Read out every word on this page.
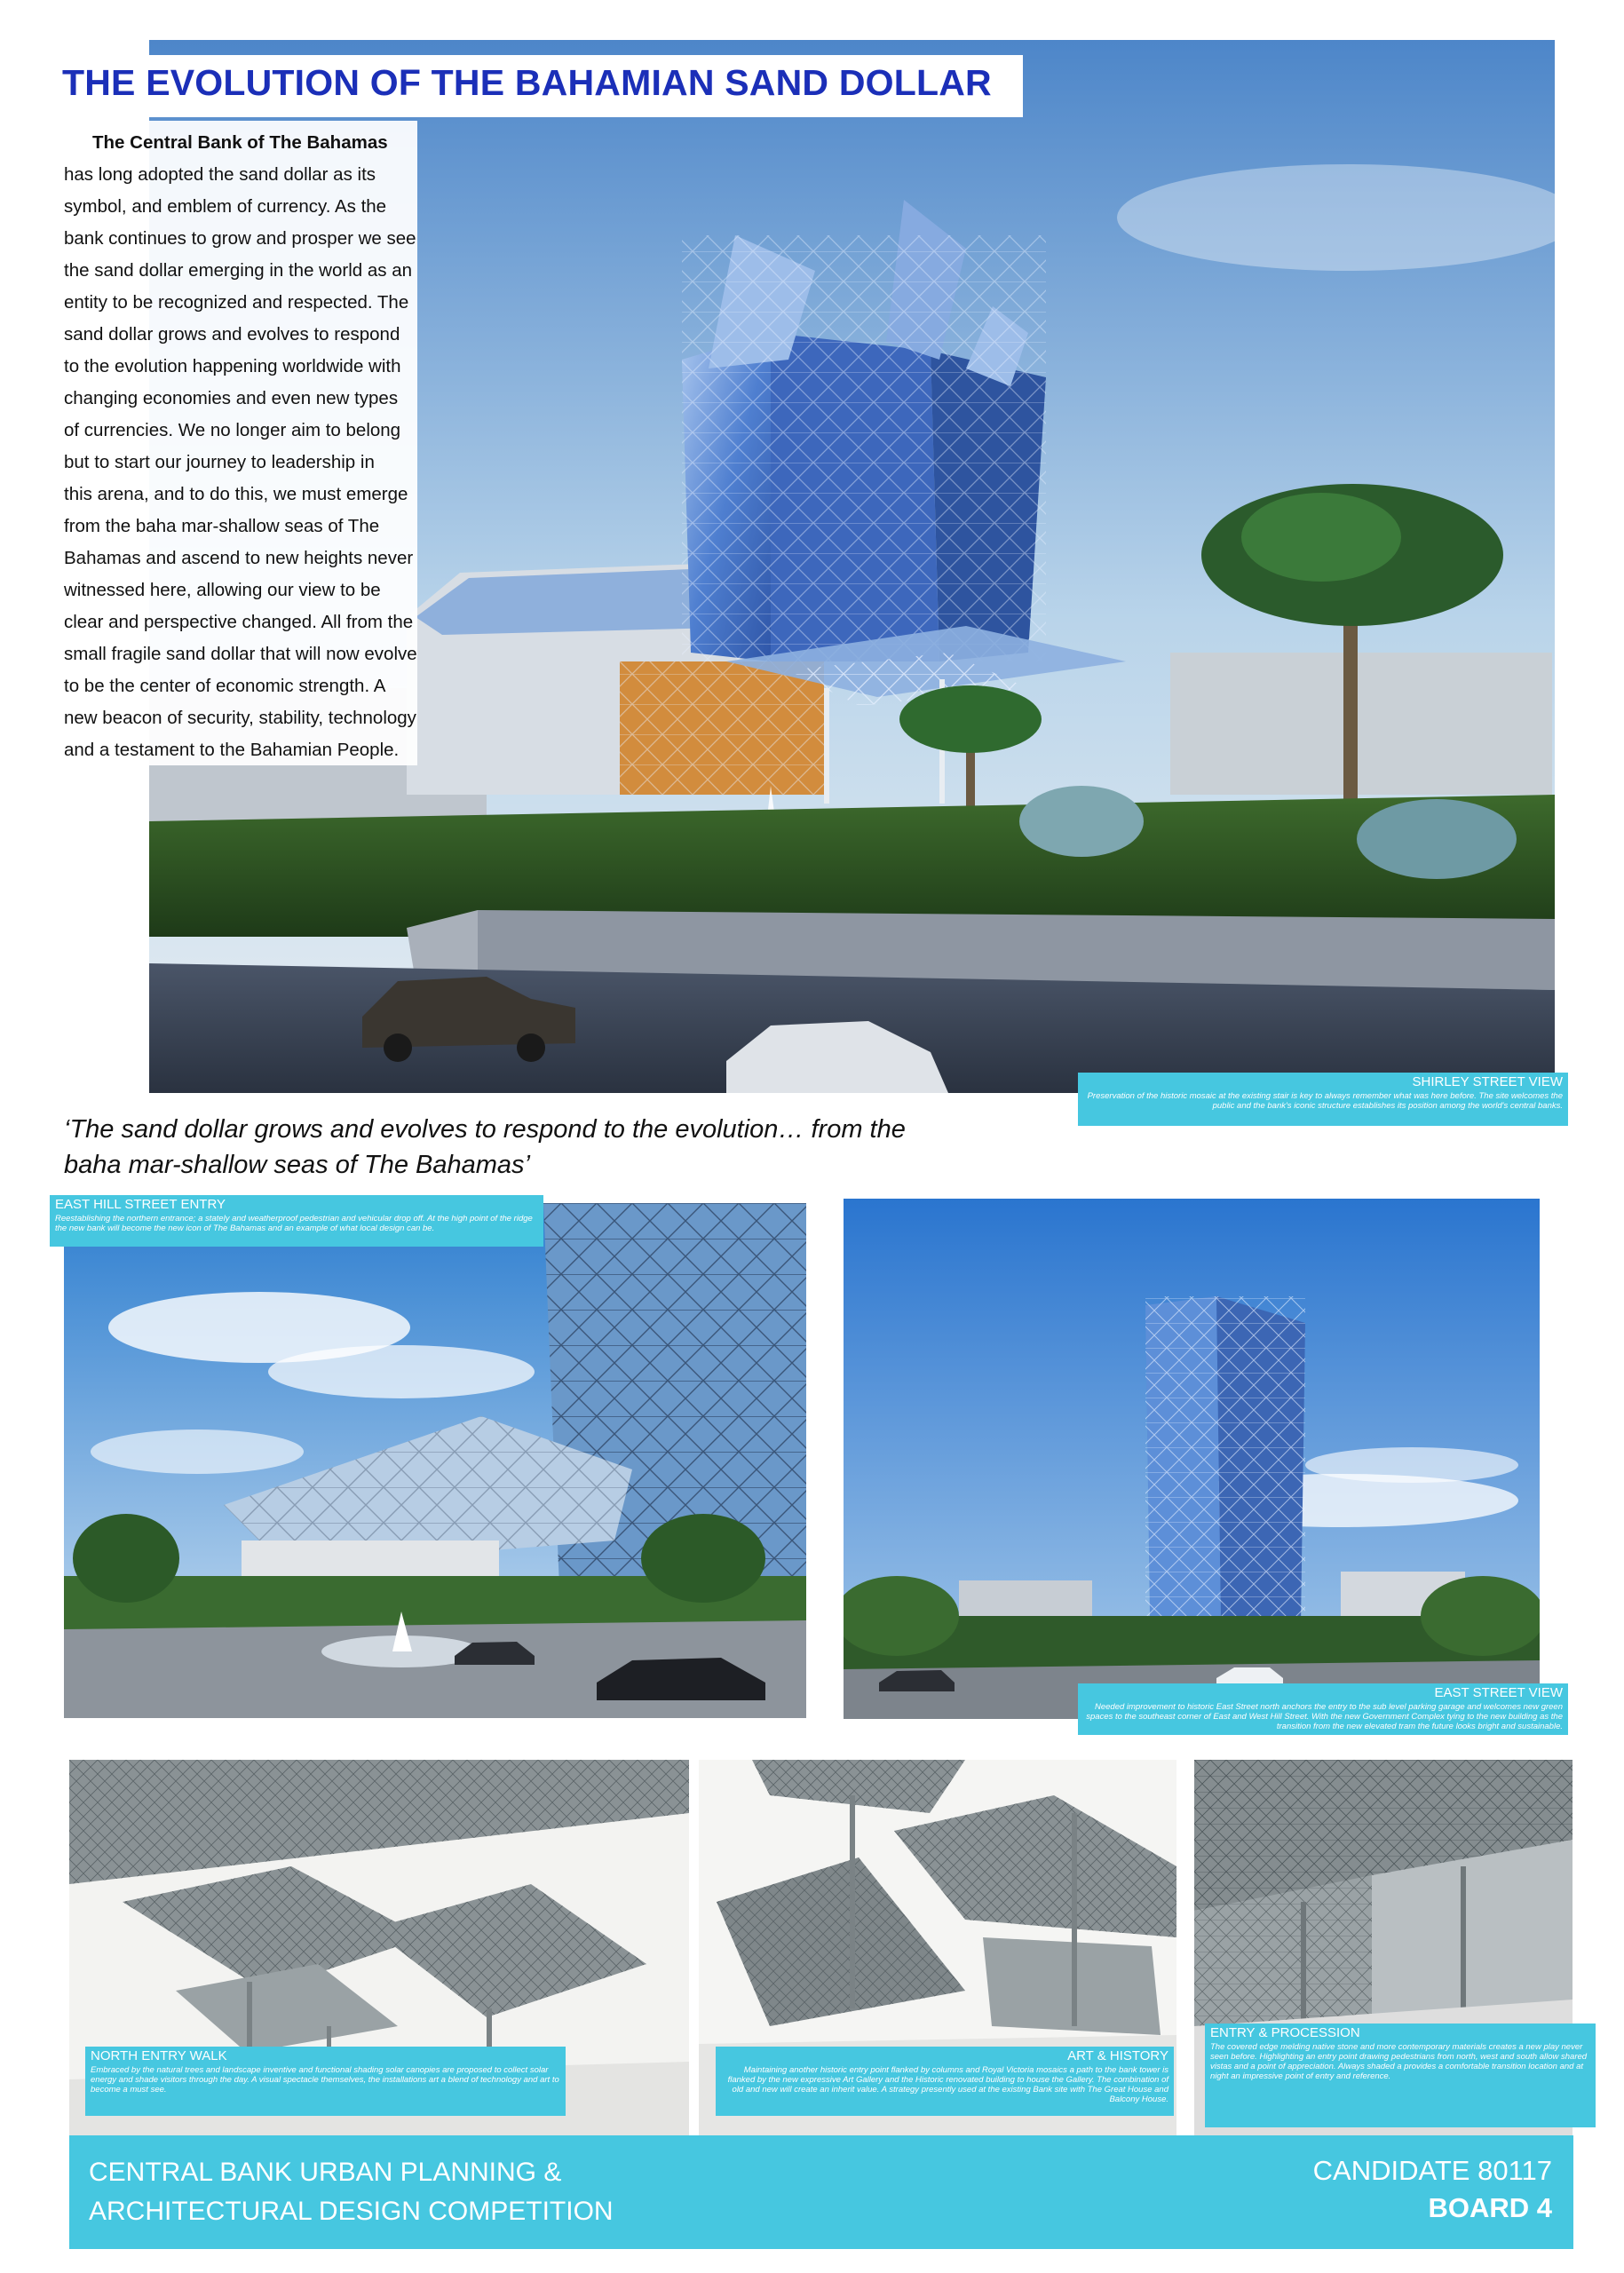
THE EVOLUTION OF THE BAHAMIAN SAND DOLLAR
The Central Bank of The Bahamas
has long adopted the sand dollar as its
symbol, and emblem of currency. As the
bank continues to grow and prosper we see
the sand dollar emerging in the world as an
entity to be recognized and respected. The
sand dollar grows and evolves to respond
to the evolution happening worldwide with
changing economies and even new types
of currencies. We no longer aim to belong
but to start our journey to leadership in
this arena, and to do this, we must emerge
from the baha mar-shallow seas of The
Bahamas and ascend to new heights never
witnessed here, allowing our view to be
clear and perspective changed. All from the
small fragile sand dollar that will now evolve
to be the center of economic strength. A
new beacon of security, stability, technology
and a testament to the Bahamian People.
SHIRLEY STREET VIEW
Preservation of the historic mosaic at the existing stair is key to always remember what was here before. The site welcomes the public and the bank's iconic structure establishes its position among the world's central banks.
‘The sand dollar grows and evolves to respond to the evolution… from the
baha mar-shallow seas of The Bahamas’
EAST HILL STREET ENTRY
Reestablishing the northern entrance; a stately and weatherproof pedestrian and vehicular drop off. At the high point of the ridge the new bank will become the new icon of The Bahamas and an example of what local design can be.
EAST STREET VIEW
Needed improvement to historic East Street north anchors the entry to the sub level parking garage and welcomes new green spaces to the southeast corner of East and West Hill Street. With the new Government Complex tying to the new building as the transition from the new elevated tram the future looks bright and sustainable.
NORTH ENTRY WALK
Embraced by the natural trees and landscape inventive and functional shading solar canopies are proposed to collect solar energy and shade visitors through the day. A visual spectacle themselves, the installations art a blend of technology and art to become a must see.
ART & HISTORY
Maintaining another historic entry point flanked by columns and Royal Victoria mosaics a path to the bank tower is flanked by the new expressive Art Gallery and the Historic renovated building to house the Gallery. The combination of old and new will create an inherit value. A strategy presently used at the existing Bank site with The Great House and Balcony House.
ENTRY & PROCESSION
The covered edge melding native stone and more contemporary materials creates a new play never seen before. Highlighting an entry point drawing pedestrians from north, west and south allow shared vistas and a point of appreciation. Always shaded a provides a comfortable transition location and at night an impressive point of entry and reference.
CENTRAL BANK URBAN PLANNING &
ARCHITECTURAL DESIGN COMPETITION
CANDIDATE 80117
BOARD 4
